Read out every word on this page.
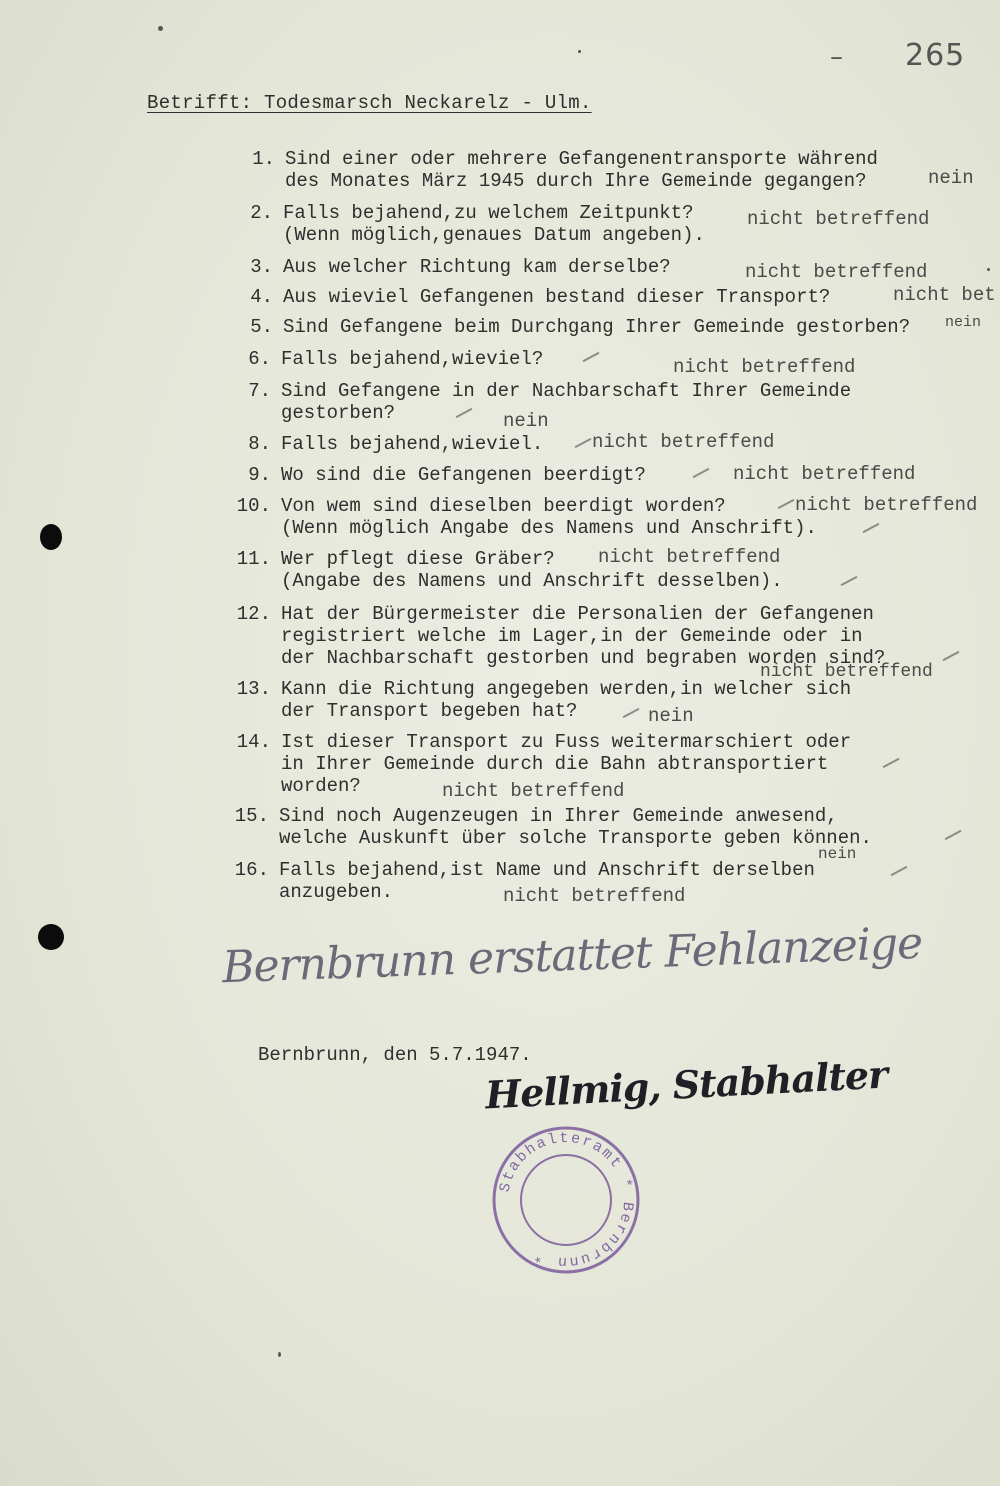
– 265
Betrifft: Todesmarsch Neckarelz - Ulm.
1. Sind einer oder mehrere Gefangenentransporte während
des Monates März 1945 durch Ihre Gemeinde gegangen?	nein
2. Falls bejahend,zu welchem Zeitpunkt?
(Wenn möglich,genaues Datum angeben).
nicht betreffend
3. Aus welcher Richtung kam derselbe?	nicht betreffend
4. Aus wieviel Gefangenen bestand dieser Transport?	nicht bet
5. Sind Gefangene beim Durchgang Ihrer Gemeinde gestorben? nein
6. Falls bejahend,wieviel?	nicht betreffend
7. Sind Gefangene in der Nachbarschaft Ihrer Gemeinde
gestorben?	nein
8. Falls bejahend,wieviel.	nicht betreffend
9. Wo sind die Gefangenen beerdigt?	nicht betreffend
10. Von wem sind dieselben beerdigt worden?
(Wenn möglich Angabe des Namens und Anschrift).
nicht betreffend
11. Wer pflegt diese Gräber?
(Angabe des Namens und Anschrift desselben).
nicht betreffend
12. Hat der Bürgermeister die Personalien der Gefangenen
registriert welche im Lager,in der Gemeinde oder in
der Nachbarschaft gestorben und begraben worden sind?
nicht betreffend
13. Kann die Richtung angegeben werden,in welcher sich
der Transport begeben hat?	nein
14. Ist dieser Transport zu Fuss weitermarschiert oder
in Ihrer Gemeinde durch die Bahn abtransportiert
worden?	nicht betreffend
15. Sind noch Augenzeugen in Ihrer Gemeinde anwesend,
welche Auskunft über solche Transporte geben können.
nein
16. Falls bejahend,ist Name und Anschrift derselben
anzugeben.	nicht betreffend
Bernbrunn erstattet Fehlanzeige
Bernbrunn, den 5.7.1947.
Hellmig, Stabhalter
Stabhalteramt * Bernbrunn *
